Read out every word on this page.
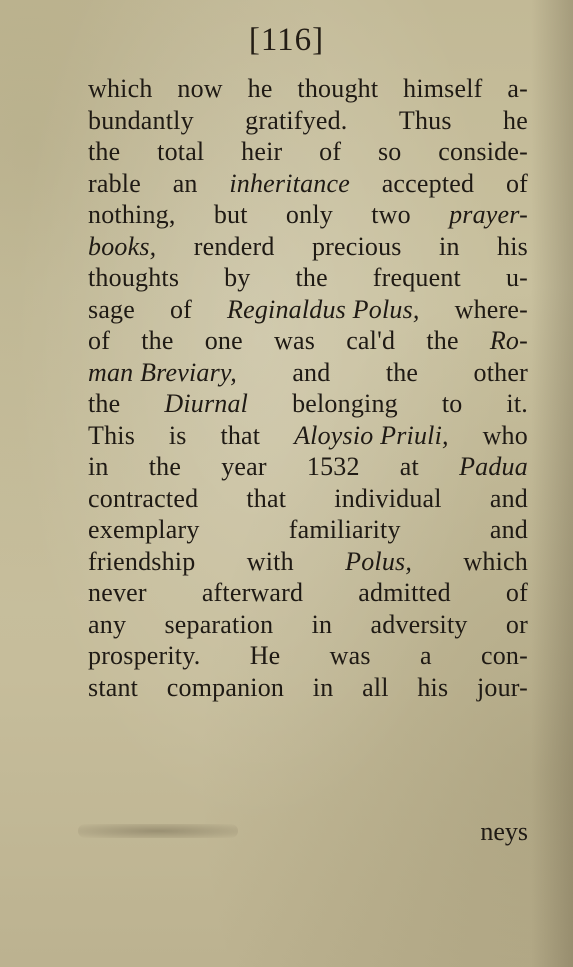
[116]
which now he thought himself a-
bundantly gratifyed. Thus he
the total heir of so conside-
rable an inheritance accepted of
nothing, but only two prayer-
books, renderd precious in his
thoughts by the frequent u-
sage of Reginaldus Polus, where-
of the one was cal'd the Ro-
man Breviary, and the other
the Diurnal belonging to it.
This is that Aloysio Priuli, who
in the year 1532 at Padua
contracted that individual and
exemplary	familiarity	and
friendship with Polus, which
never afterward admitted of
any separation in adversity or
prosperity. He was a con-
stant companion in all his jour-
neys
